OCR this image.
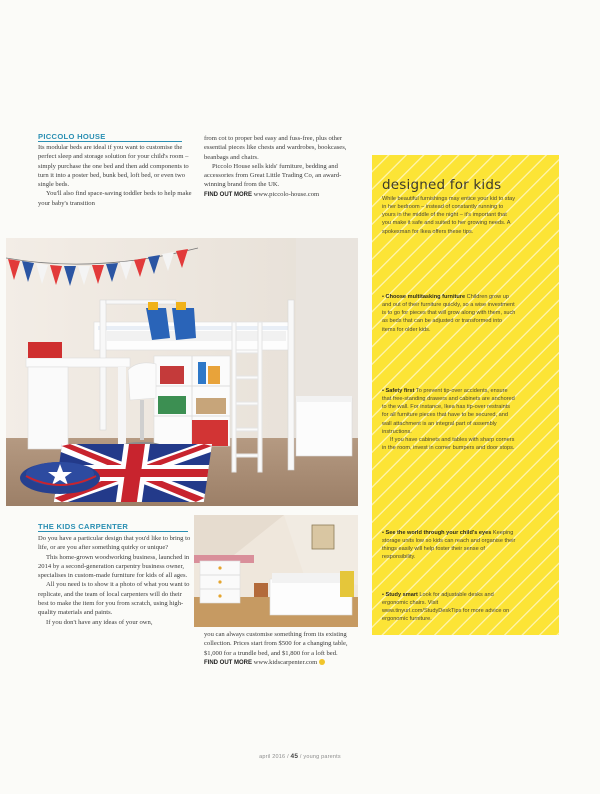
PICCOLO HOUSE

Its modular beds are ideal if you want to customise the perfect sleep and storage solution for your child's room – simply purchase the one bed and then add components to turn it into a poster bed, bunk bed, loft bed, or even two single beds.

You'll also find space-saving toddler beds to help make your baby's transition

from cot to proper bed easy and fuss-free, plus other essential pieces like chests and wardrobes, bookcases, beanbags and chairs.

Piccolo House sells kids' furniture, bedding and accessories from Great Little Trading Co, an award-winning brand from the UK.

FIND OUT MORE www.piccolo-house.com

THE KIDS CARPENTER

Do you have a particular design that you'd like to bring to life, or are you after something quirky or unique?

This home-grown woodworking business, launched in 2014 by a second-generation carpentry business owner, specialises in custom-made furniture for kids of all ages.

All you need is to show it a photo of what you want to replicate, and the team of local carpenters will do their best to make the item for you from scratch, using high-quality materials and paints.

If you don't have any ideas of your own,

you can always customise something from its existing collection. Prices start from $500 for a changing table, $1,000 for a trundle bed, and $1,800 for a loft bed.

FIND OUT MORE www.kidscarpenter.com

designed for kids

While beautiful furnishings may entice your kid to stay in her bedroom – instead of constantly running to yours in the middle of the night – it's important that you make it safe and suited to her growing needs. A spokesman for Ikea offers these tips.

• Choose multitasking furniture Children grow up and out of their furniture quickly, so a wise investment is to go for pieces that will grow along with them, such as beds that can be adjusted or transformed into items for older kids.

• Safety first To prevent tip-over accidents, ensure that free-standing drawers and cabinets are anchored to the wall. For instance, Ikea has tip-over restraints for all furniture pieces that have to be secured, and wall attachment is an integral part of assembly instructions.

If you have cabinets and tables with sharp corners in the room, invest in corner bumpers and door stops.

• See the world through your child's eyes Keeping storage units low so kids can reach and organise their things easily will help foster their sense of responsibility.

• Study smart Look for adjustable desks and ergonomic chairs. Visit www.tinyurl.com/StudyDeskTips for more advice on ergonomic furniture.

april 2016 / 45 / young parents
